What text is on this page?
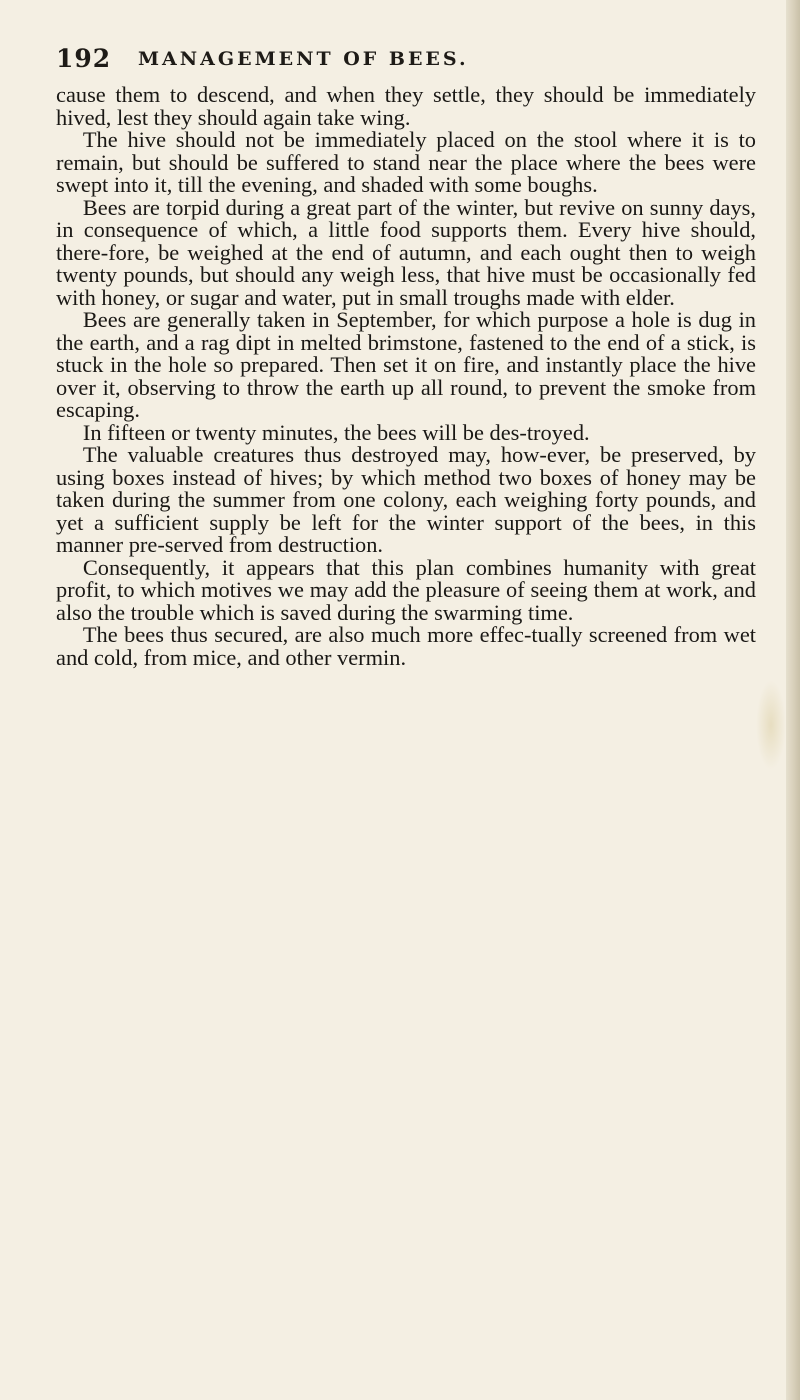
192 MANAGEMENT OF BEES.

cause them to descend, and when they settle, they should be immediately hived, lest they should again take wing.

The hive should not be immediately placed on the stool where it is to remain, but should be suffered to stand near the place where the bees were swept into it, till the evening, and shaded with some boughs.

Bees are torpid during a great part of the winter, but revive on sunny days, in consequence of which, a little food supports them. Every hive should, there-fore, be weighed at the end of autumn, and each ought then to weigh twenty pounds, but should any weigh less, that hive must be occasionally fed with honey, or sugar and water, put in small troughs made with elder.

Bees are generally taken in September, for which purpose a hole is dug in the earth, and a rag dipt in melted brimstone, fastened to the end of a stick, is stuck in the hole so prepared. Then set it on fire, and instantly place the hive over it, observing to throw the earth up all round, to prevent the smoke from escaping.

In fifteen or twenty minutes, the bees will be des-troyed.

The valuable creatures thus destroyed may, how-ever, be preserved, by using boxes instead of hives; by which method two boxes of honey may be taken during the summer from one colony, each weighing forty pounds, and yet a sufficient supply be left for the winter support of the bees, in this manner pre-served from destruction.

Consequently, it appears that this plan combines humanity with great profit, to which motives we may add the pleasure of seeing them at work, and also the trouble which is saved during the swarming time.

The bees thus secured, are also much more effec-tually screened from wet and cold, from mice, and other vermin.
